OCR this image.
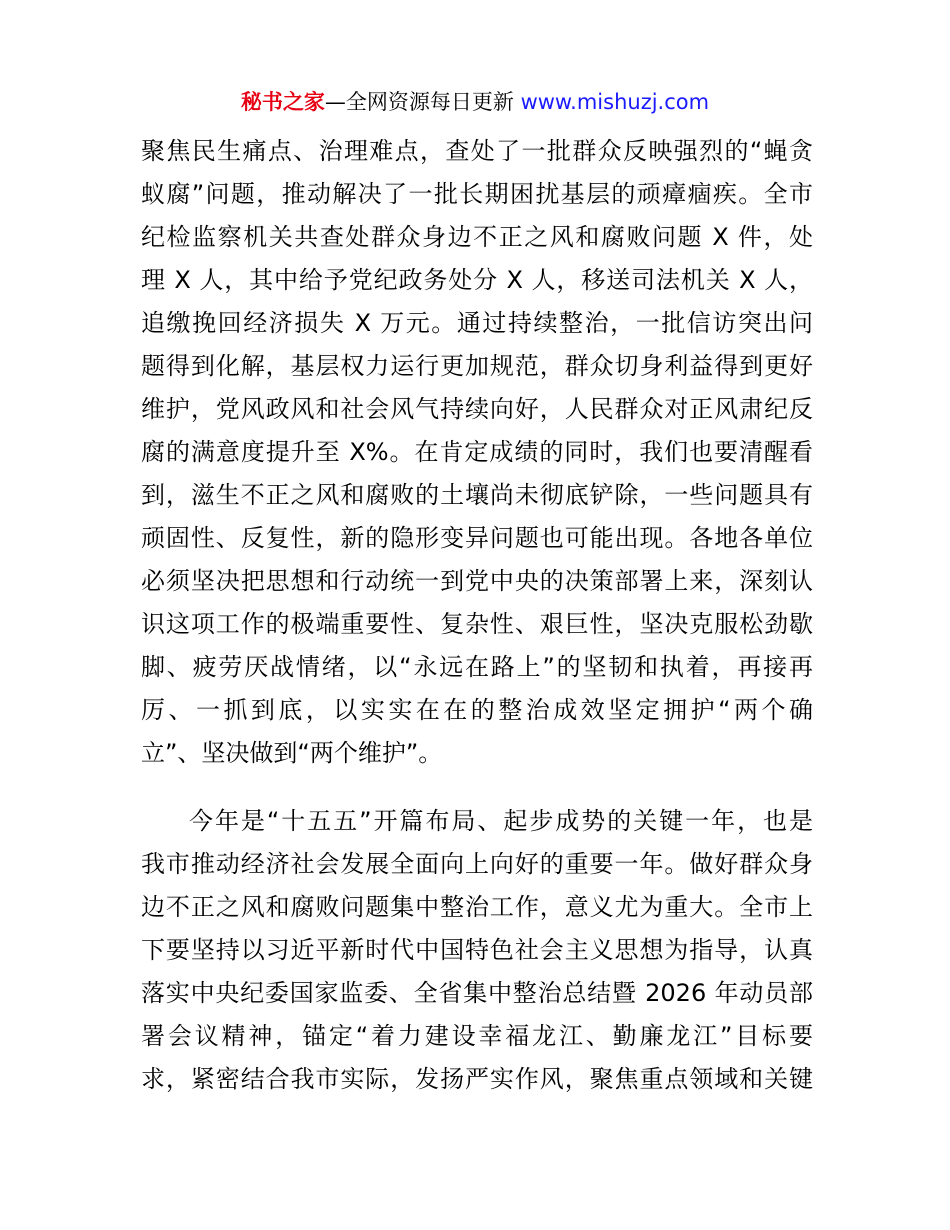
秘书之家—全网资源每日更新 www.mishuzj.com
聚焦民生痛点、治理难点，查处了一批群众反映强烈的“蝇贪
蚁腐”问题，推动解决了一批长期困扰基层的顽瘴痼疾。全市
纪检监察机关共查处群众身边不正之风和腐败问题 X 件，处
理 X 人，其中给予党纪政务处分 X 人，移送司法机关 X 人，
追缴挽回经济损失 X 万元。通过持续整治，一批信访突出问
题得到化解，基层权力运行更加规范，群众切身利益得到更好
维护，党风政风和社会风气持续向好，人民群众对正风肃纪反
腐的满意度提升至 X%。在肯定成绩的同时，我们也要清醒看
到，滋生不正之风和腐败的土壤尚未彻底铲除，一些问题具有
顽固性、反复性，新的隐形变异问题也可能出现。各地各单位
必须坚决把思想和行动统一到党中央的决策部署上来，深刻认
识这项工作的极端重要性、复杂性、艰巨性，坚决克服松劲歇
脚、疲劳厌战情绪，以“永远在路上”的坚韧和执着，再接再
厉、一抓到底，以实实在在的整治成效坚定拥护“两个确
立”、坚决做到“两个维护”。
今年是“十五五”开篇布局、起步成势的关键一年，也是
我市推动经济社会发展全面向上向好的重要一年。做好群众身
边不正之风和腐败问题集中整治工作，意义尤为重大。全市上
下要坚持以习近平新时代中国特色社会主义思想为指导，认真
落实中央纪委国家监委、全省集中整治总结暨 2026 年动员部
署会议精神，锚定“着力建设幸福龙江、勤廉龙江”目标要
求，紧密结合我市实际，发扬严实作风，聚焦重点领域和关键
